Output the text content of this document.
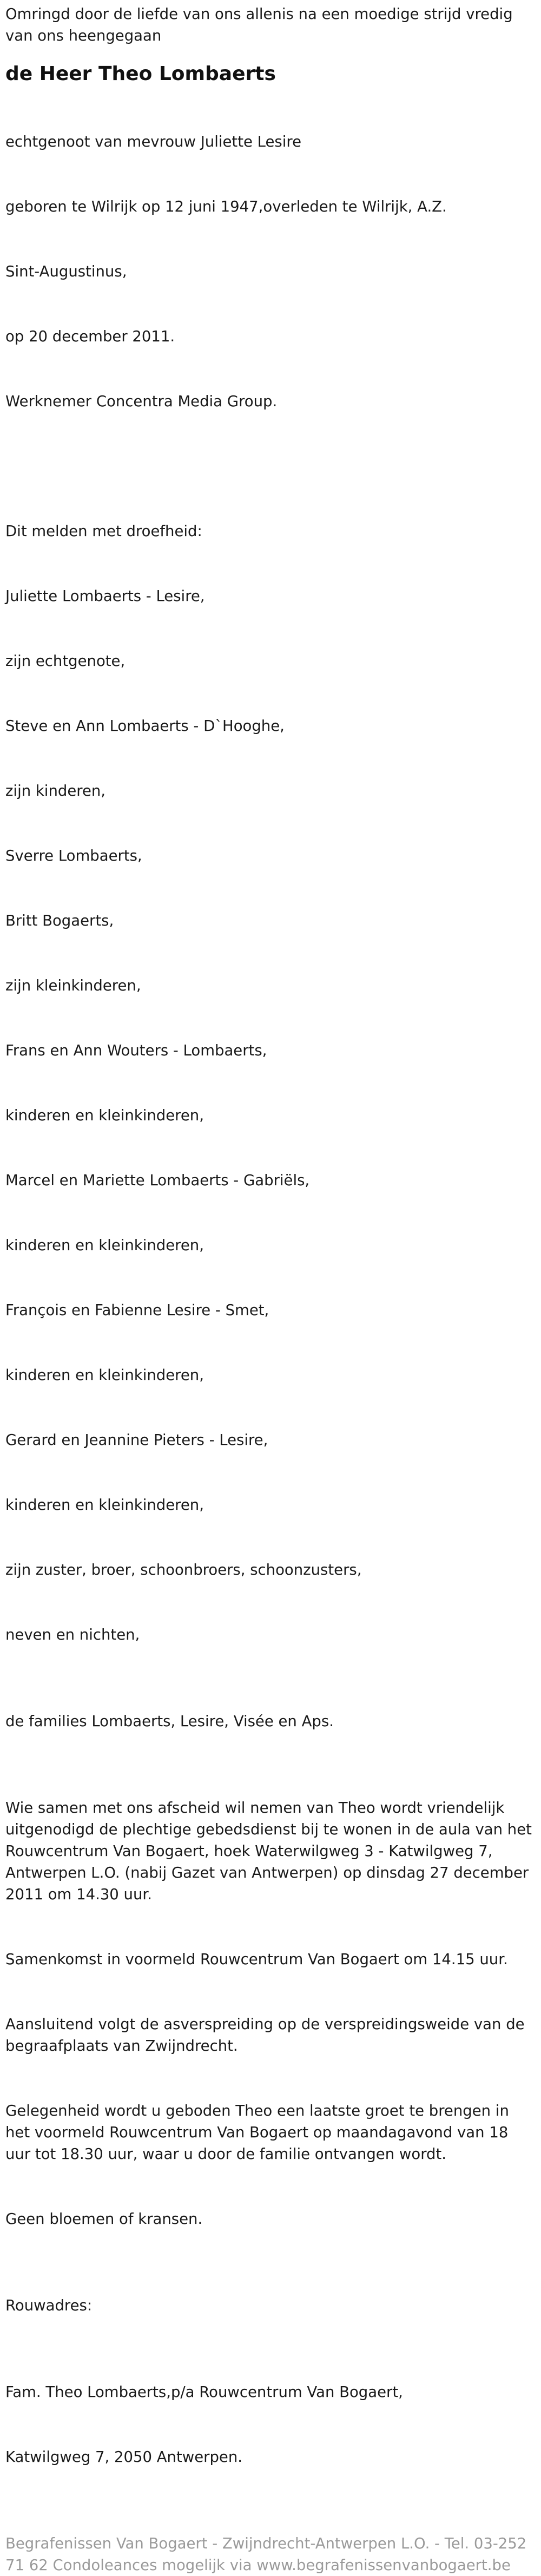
Omringd door de liefde van ons allenis na een moedige strijd vredig van ons heengegaan

de Heer Theo Lombaerts

echtgenoot van mevrouw Juliette Lesire

geboren te Wilrijk op 12 juni 1947,overleden te Wilrijk, A.Z.

Sint-Augustinus,

op 20 december 2011.

Werknemer Concentra Media Group.

Dit melden met droefheid:

Juliette Lombaerts - Lesire,

zijn echtgenote,

Steve en Ann Lombaerts - D`Hooghe,

zijn kinderen,

Sverre Lombaerts,

Britt Bogaerts,

zijn kleinkinderen,

Frans en Ann Wouters - Lombaerts,

kinderen en kleinkinderen,

Marcel en Mariette Lombaerts - Gabriëls,

kinderen en kleinkinderen,

François en Fabienne Lesire - Smet,

kinderen en kleinkinderen,

Gerard en Jeannine Pieters - Lesire,

kinderen en kleinkinderen,

zijn zuster, broer, schoonbroers, schoonzusters,

neven en nichten,

de families Lombaerts, Lesire, Visée en Aps.

Wie samen met ons afscheid wil nemen van Theo wordt vriendelijk uitgenodigd de plechtige gebedsdienst bij te wonen in de aula van het Rouwcentrum Van Bogaert, hoek Waterwilgweg 3 - Katwilgweg 7, Antwerpen L.O. (nabij Gazet van Antwerpen) op dinsdag 27 december 2011 om 14.30 uur.

Samenkomst in voormeld Rouwcentrum Van Bogaert om 14.15 uur.

Aansluitend volgt de asverspreiding op de verspreidingsweide van de begraafplaats van Zwijndrecht.

Gelegenheid wordt u geboden Theo een laatste groet te brengen in het voormeld Rouwcentrum Van Bogaert op maandagavond van 18 uur tot 18.30 uur, waar u door de familie ontvangen wordt.

Geen bloemen of kransen.

Rouwadres:

Fam. Theo Lombaerts,p/a Rouwcentrum Van Bogaert,

Katwilgweg 7, 2050 Antwerpen.

Begrafenissen Van Bogaert - Zwijndrecht-Antwerpen L.O. - Tel. 03-252 71 62 Condoleances mogelijk via www.begrafenissenvanbogaert.be
